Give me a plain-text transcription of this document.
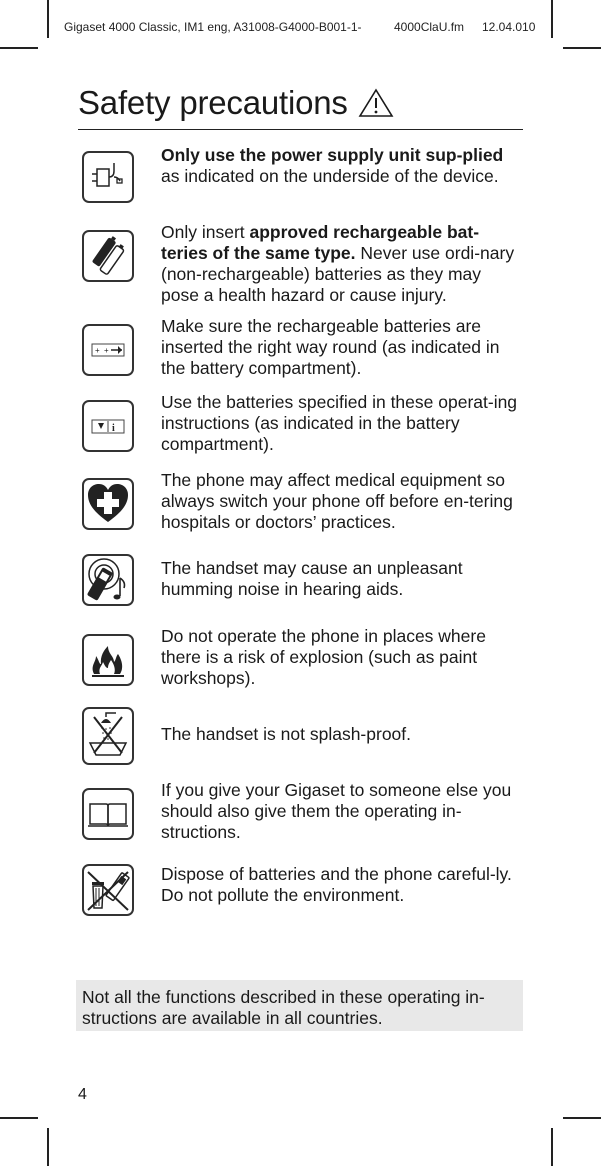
Gigaset 4000 Classic, IM1 eng, A31008-G4000-B001-1-	4000ClaU.fm 12.04.010
Safety precautions
Only use the power supply unit sup-plied as indicated on the underside of the device.
Only insert approved rechargeable bat-teries of the same type. Never use ordi-nary (non-rechargeable) batteries as they may pose a health hazard or cause injury.
+ +
Make sure the rechargeable batteries are inserted the right way round (as indicated in the battery compartment).
i
Use the batteries specified in these operat-ing instructions (as indicated in the battery compartment).
The phone may affect medical equipment so always switch your phone off before en-tering hospitals or doctors’ practices.
The handset may cause an unpleasant humming noise in hearing aids.
Do not operate the phone in places where there is a risk of explosion (such as paint workshops).
The handset is not splash-proof.
If you give your Gigaset to someone else you should also give them the operating in-structions.
Dispose of batteries and the phone careful-ly. Do not pollute the environment.
Not all the functions described in these operating in-structions are available in all countries.
4
